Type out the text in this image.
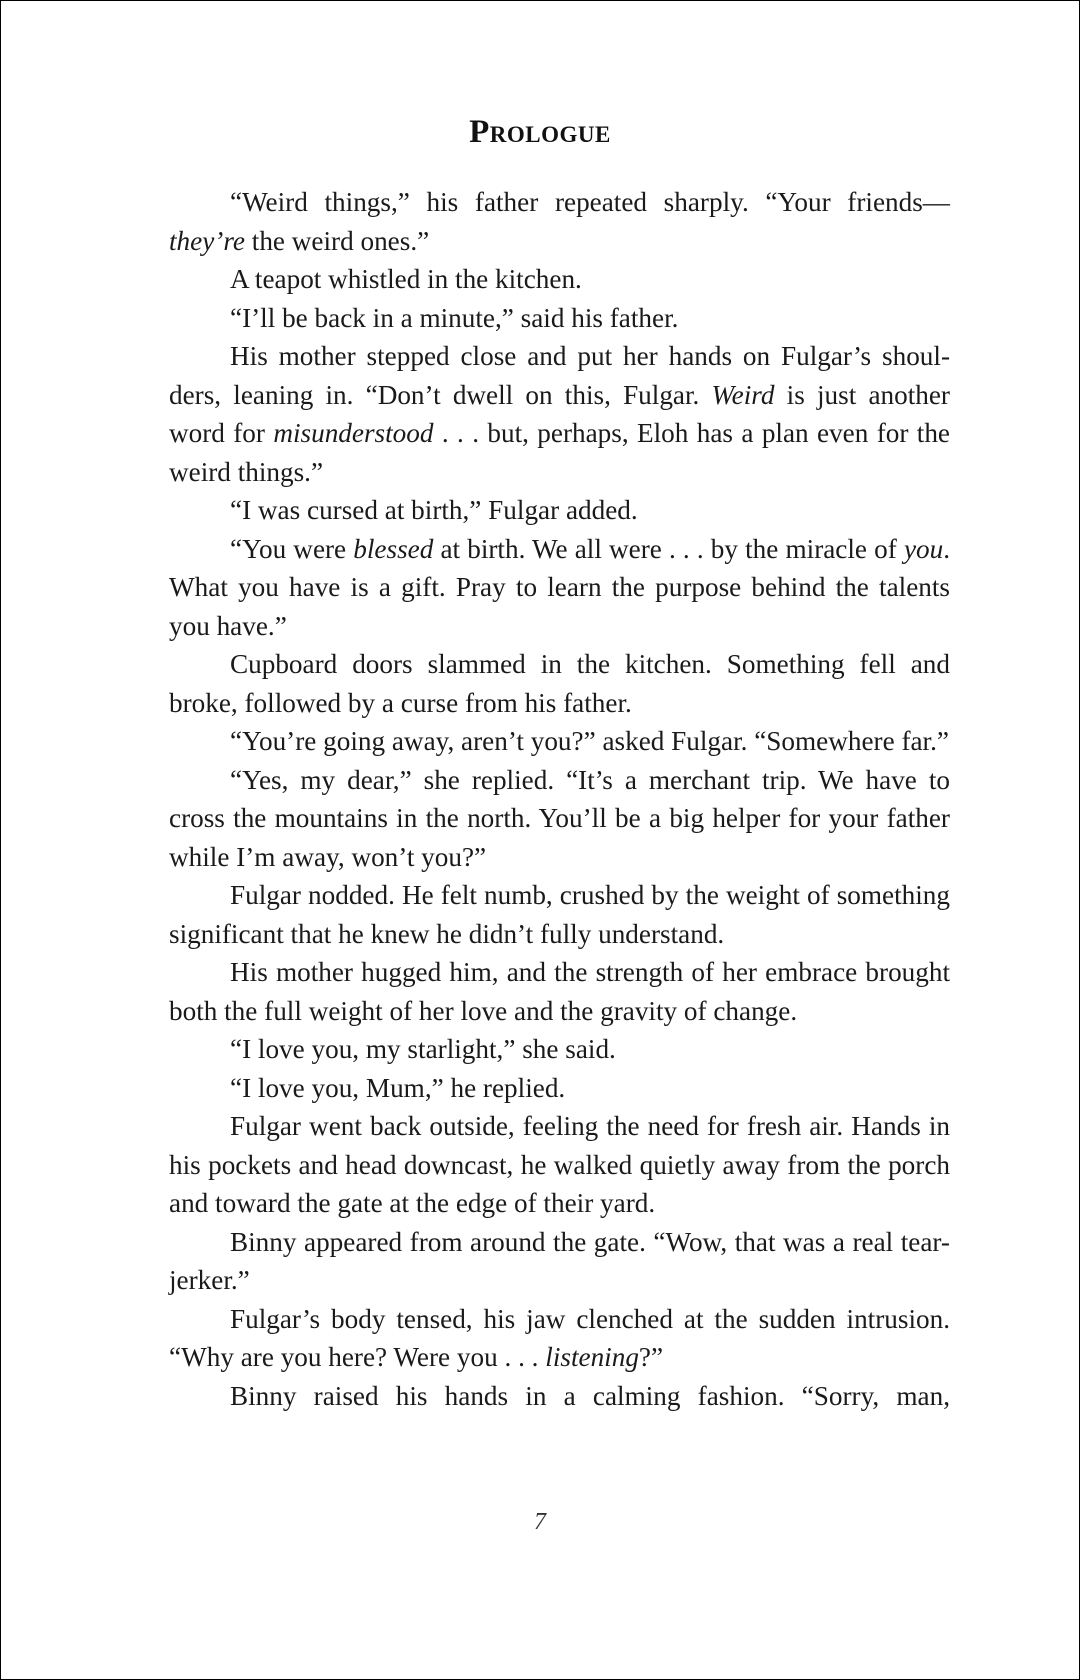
Prologue

“Weird things,” his father repeated sharply. “Your friends— they’re the weird ones.”

A teapot whistled in the kitchen.

“I’ll be back in a minute,” said his father.

His mother stepped close and put her hands on Fulgar’s shoulders, leaning in. “Don’t dwell on this, Fulgar. Weird is just another word for misunderstood . . . but, perhaps, Eloh has a plan even for the weird things.”

“I was cursed at birth,” Fulgar added.

“You were blessed at birth. We all were . . . by the miracle of you. What you have is a gift. Pray to learn the purpose behind the talents you have.”

Cupboard doors slammed in the kitchen. Something fell and broke, followed by a curse from his father.

“You’re going away, aren’t you?” asked Fulgar. “Somewhere far.”

“Yes, my dear,” she replied. “It’s a merchant trip. We have to cross the mountains in the north. You’ll be a big helper for your father while I’m away, won’t you?”

Fulgar nodded. He felt numb, crushed by the weight of something significant that he knew he didn’t fully understand.

His mother hugged him, and the strength of her embrace brought both the full weight of her love and the gravity of change.

“I love you, my starlight,” she said.

“I love you, Mum,” he replied.

Fulgar went back outside, feeling the need for fresh air. Hands in his pockets and head downcast, he walked quietly away from the porch and toward the gate at the edge of their yard.

Binny appeared from around the gate. “Wow, that was a real tear-jerker.”

Fulgar’s body tensed, his jaw clenched at the sudden intrusion. “Why are you here? Were you . . . listening?”

Binny raised his hands in a calming fashion. “Sorry, man,

7
